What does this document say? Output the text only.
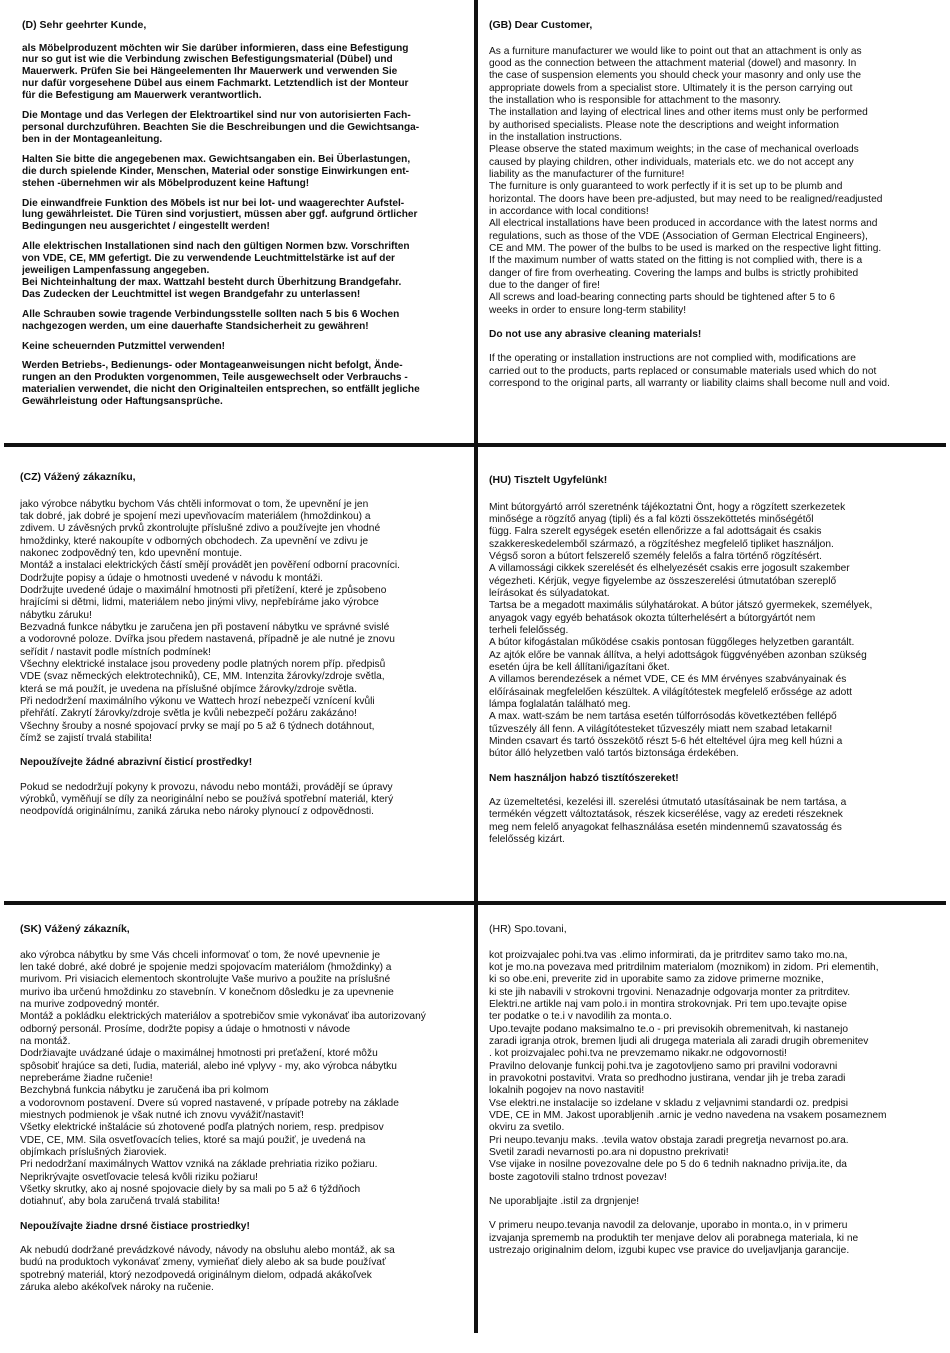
(D) Sehr geehrter Kunde,

als Möbelproduzent möchten wir Sie darüber informieren, dass eine Befestigung
nur so gut ist wie die Verbindung zwischen Befestigungsmaterial (Dübel) und
Mauerwerk. Prüfen Sie bei Hängeelementen Ihr Mauerwerk und verwenden Sie
nur dafür vorgesehene Dübel aus einem Fachmarkt. Letztendlich ist der Monteur
für die Befestigung am Mauerwerk verantwortlich.

Die Montage und das Verlegen der Elektroartikel sind nur von autorisierten Fach-
personal durchzuführen. Beachten Sie die Beschreibungen und die Gewichtsanga-
ben in der Montageanleitung.

Halten Sie bitte die angegebenen max. Gewichtsangaben ein. Bei Überlastungen,
die durch spielende Kinder, Menschen, Material oder sonstige Einwirkungen ent-
stehen -übernehmen wir als Möbelproduzent keine Haftung!

Die einwandfreie Funktion des Möbels ist nur bei lot- und waagerechter Aufstel-
lung gewährleistet. Die Türen sind vorjustiert, müssen aber ggf. aufgrund örtlicher
Bedingungen neu ausgerichtet / eingestellt werden!

Alle elektrischen Installationen sind nach den gültigen Normen bzw. Vorschriften
von VDE, CE, MM gefertigt. Die zu verwendende Leuchtmittelstärke ist auf der
jeweiligen Lampenfassung angegeben.
Bei Nichteinhaltung der max. Wattzahl besteht durch Überhitzung Brandgefahr.
Das Zudecken der Leuchtmittel ist wegen Brandgefahr zu unterlassen!

Alle Schrauben sowie tragende Verbindungsstelle sollten nach 5 bis 6 Wochen
nachgezogen werden, um eine dauerhafte Standsicherheit zu gewähren!

Keine scheuernden Putzmittel verwenden!

Werden Betriebs-, Bedienungs- oder Montageanweisungen nicht befolgt, Ände-
rungen an den Produkten vorgenommen, Teile ausgewechselt oder Verbrauchs -
materialien verwendet, die nicht den Originalteilen entsprechen, so entfällt jegliche
Gewährleistung oder Haftungsansprüche.

(GB) Dear Customer,

As a furniture manufacturer we would like to point out that an attachment is only as
good as the connection between the attachment material (dowel) and masonry. In
the case of suspension elements you should check your masonry and only use the
appropriate dowels from a specialist store. Ultimately it is the person carrying out
the installation who is responsible for attachment to the masonry.
The installation and laying of electrical lines and other items must only be performed
by authorised specialists. Please note the descriptions and weight information
in the installation instructions.
Please observe the stated maximum weights; in the case of mechanical overloads
caused by playing children, other individuals, materials etc. we do not accept any
liability as the manufacturer of the furniture!
The furniture is only guaranteed to work perfectly if it is set up to be plumb and
horizontal. The doors have been pre-adjusted, but may need to be realigned/readjusted
in accordance with local conditions!
All electrical installations have been produced in accordance with the latest norms and
regulations, such as those of the VDE (Association of German Electrical Engineers),
CE and MM. The power of the bulbs to be used is marked on the respective light fitting.
If the maximum number of watts stated on the fitting is not complied with, there is a
danger of fire from overheating. Covering the lamps and bulbs is strictly prohibited
due to the danger of fire!
All screws and load-bearing connecting parts should be tightened after 5 to 6
weeks in order to ensure long-term stability!

Do not use any abrasive cleaning materials!

If the operating or installation instructions are not complied with, modifications are
carried out to the products, parts replaced or consumable materials used which do not
correspond to the original parts, all warranty or liability claims shall become null and void.

(CZ) Vážený zákazníku,

jako výrobce nábytku bychom Vás chtěli informovat o tom, že upevnění je jen
tak dobré, jak dobré je spojení mezi upevňovacím materiálem (hmoždinkou) a
zdivem. U závěsných prvků zkontrolujte příslušné zdivo a používejte jen vhodné
hmoždinky, které nakoupíte v odborných obchodech. Za upevnění ve zdivu je
nakonec zodpovědný ten, kdo upevnění montuje.
Montáž a instalaci elektrických částí smějí provádět jen pověření odborní pracovníci.
Dodržujte popisy a údaje o hmotnosti uvedené v návodu k montáži.
Dodržujte uvedené údaje o maximální hmotnosti při přetížení, které je způsobeno
hrajícími si dětmi, lidmi, materiálem nebo jinými vlivy, nepřebíráme jako výrobce
nábytku záruku!
Bezvadná funkce nábytku je zaručena jen při postavení nábytku ve správné svislé
a vodorovné poloze. Dvířka jsou předem nastavená, případně je ale nutné je znovu
seřídit / nastavit podle místních podmínek!
Všechny elektrické instalace jsou provedeny podle platných norem příp. předpisů
VDE (svaz německých elektrotechniků), CE, MM. Intenzita žárovky/zdroje světla,
která se má použít, je uvedena na příslušné objímce žárovky/zdroje světla.
Při nedodržení maximálního výkonu ve Wattech hrozí nebezpečí vznícení kvůli
přehřátí. Zakrytí žárovky/zdroje světla je kvůli nebezpečí požáru zakázáno!
Všechny šrouby a nosné spojovací prvky se mají po 5 až 6 týdnech dotáhnout,
čímž se zajistí trvalá stabilita!

Nepoužívejte žádné abrazivní čisticí prostředky!

Pokud se nedodržují pokyny k provozu, návodu nebo montáži, provádějí se úpravy
výrobků, vyměňují se díly za neoriginální nebo se používá spotřební materiál, který
neodpovídá originálnímu, zaniká záruka nebo nároky plynoucí z odpovědnosti.

(HU) Tisztelt Ügyfelünk!

Mint bútorgyártó arról szeretnénk tájékoztatni Önt, hogy a rögzített szerkezetek
minősége a rögzítő anyag (tipli) és a fal közti összeköttetés minőségétől
függ. Falra szerelt egységek esetén ellenőrizze a fal adottságait és csakis
szakkereskedelemből származó, a rögzítéshez megfelelő tipliket használjon.
Végső soron a bútort felszerelő személy felelős a falra történő rögzítésért.
A villamossági cikkek szerelését és elhelyezését csakis erre jogosult szakember
végezheti. Kérjük, vegye figyelembe az összeszerelési útmutatóban szereplő
leírásokat és súlyadatokat.
Tartsa be a megadott maximális súlyhatárokat. A bútor játszó gyermekek, személyek,
anyagok vagy egyéb behatások okozta túlterhelésért a bútorgyártót nem
terheli felelősség.
A bútor kifogástalan működése csakis pontosan függőleges helyzetben garantált.
Az ajtók előre be vannak állítva, a helyi adottságok függvényében azonban szükség
esetén újra be kell állítani/igazítani őket.
A villamos berendezések a német VDE, CE és MM érvényes szabványainak és
előírásainak megfelelően készültek. A világítótestek megfelelő erőssége az adott
lámpa foglalatán található meg.
A max. watt-szám be nem tartása esetén túlforrósodás következtében fellépő
tűzveszély áll fenn. A világítótesteket tűzveszély miatt nem szabad letakarni!
Minden csavart és tartó összekötő részt 5-6 hét elteltével újra meg kell húzni a
bútor álló helyzetben való tartós biztonsága érdekében.

Nem használjon habzó tisztítószereket!

Az üzemeltetési, kezelési ill. szerelési útmutató utasításainak be nem tartása, a
termékén végzett változtatások, részek kicserélése, vagy az eredeti részeknek
meg nem felelő anyagokat felhasználása esetén mindennemű szavatosság és
felelősség kizárt.

(SK) Vážený zákazník,

ako výrobca nábytku by sme Vás chceli informovať o tom, že nové upevnenie je
len také dobré, aké dobré je spojenie medzi spojovacím materiálom (hmoždinky) a
murivom. Pri visiacich elementoch skontrolujte Vaše murivo a použite na príslušné
murivo iba určenú hmoždinku zo stavebnín. V konečnom dôsledku je za upevnenie
na murive zodpovedný montér.
Montáž a pokládku elektrických materiálov a spotrebičov smie vykonávať iba autorizovaný
odborný personál. Prosíme, dodržte popisy a údaje o hmotnosti v návode
na montáž.
Dodržiavajte uvádzané údaje o maximálnej hmotnosti pri preťažení, ktoré môžu
spôsobiť hrajúce sa deti, ľudia, materiál, alebo iné vplyvy - my, ako výrobca nábytku
nepreberáme žiadne ručenie!
Bezchybná funkcia nábytku je zaručená iba pri kolmom
a vodorovnom postavení. Dvere sú vopred nastavené, v prípade potreby na základe
miestnych podmienok je však nutné ich znovu vyvážiť/nastaviť!
Všetky elektrické inštalácie sú zhotovené podľa platných noriem, resp. predpisov
VDE, CE, MM. Sila osvetľovacích telies, ktoré sa majú použiť, je uvedená na
objímkach príslušných žiaroviek.
Pri nedodržaní maximálnych Wattov vzniká na základe prehriatia riziko požiaru.
Neprikrývajte osvetľovacie telesá kvôli riziku požiaru!
Všetky skrutky, ako aj nosné spojovacie diely by sa mali po 5 až 6 týždňoch
dotiahnuť, aby bola zaručená trvalá stabilita!

Nepoužívajte žiadne drsné čistiace prostriedky!

Ak nebudú dodržané prevádzkové návody, návody na obsluhu alebo montáž, ak sa
budú na produktoch vykonávať zmeny, vymieňať diely alebo ak sa bude používať
spotrebný materiál, ktorý nezodpovedá originálnym dielom, odpadá akákoľvek
záruka alebo akékoľvek nároky na ručenie.

(HR) Spo.tovani,

kot proizvajalec pohi.tva vas .elimo informirati, da je pritrditev samo tako mo.na,
kot je mo.na povezava med pritrdilnim materialom (moznikom) in zidom. Pri elementih,
ki so obe.eni, preverite zid in uporabite samo za zidove primerne moznike,
ki ste jih nabavili v strokovni trgovini. Nenazadnje odgovarja monter za pritrditev.
Elektri.ne artikle naj vam polo.i in montira strokovnjak. Pri tem upo.tevajte opise
ter podatke o te.i v navodilih za monta.o.
Upo.tevajte podano maksimalno te.o - pri previsokih obremenitvah, ki nastanejo
zaradi igranja otrok, bremen ljudi ali drugega materiala ali zaradi drugih obremenitev
. kot proizvajalec pohi.tva ne prevzemamo nikakr.ne odgovornosti!
Pravilno delovanje funkcij pohi.tva je zagotovljeno samo pri pravilni vodoravni
in pravokotni postavitvi. Vrata so predhodno justirana, vendar jih je treba zaradi
lokalnih pogojev na novo nastaviti!
Vse elektri.ne instalacije so izdelane v skladu z veljavnimi standardi oz. predpisi
VDE, CE in MM. Jakost uporabljenih .arnic je vedno navedena na vsakem posameznem
okviru za svetilo.
Pri neupo.tevanju maks. .tevila watov obstaja zaradi pregretja nevarnost po.ara.
Svetil zaradi nevarnosti po.ara ni dopustno prekrivati!
Vse vijake in nosilne povezovalne dele po 5 do 6 tednih naknadno privija.ite, da
boste zagotovili stalno trdnost povezav!

Ne uporabljajte .istil za drgnjenje!

V primeru neupo.tevanja navodil za delovanje, uporabo in monta.o, in v primeru
izvajanja sprememb na produktih ter menjave delov ali porabnega materiala, ki ne
ustrezajo originalnim delom, izgubi kupec vse pravice do uveljavljanja garancije.
